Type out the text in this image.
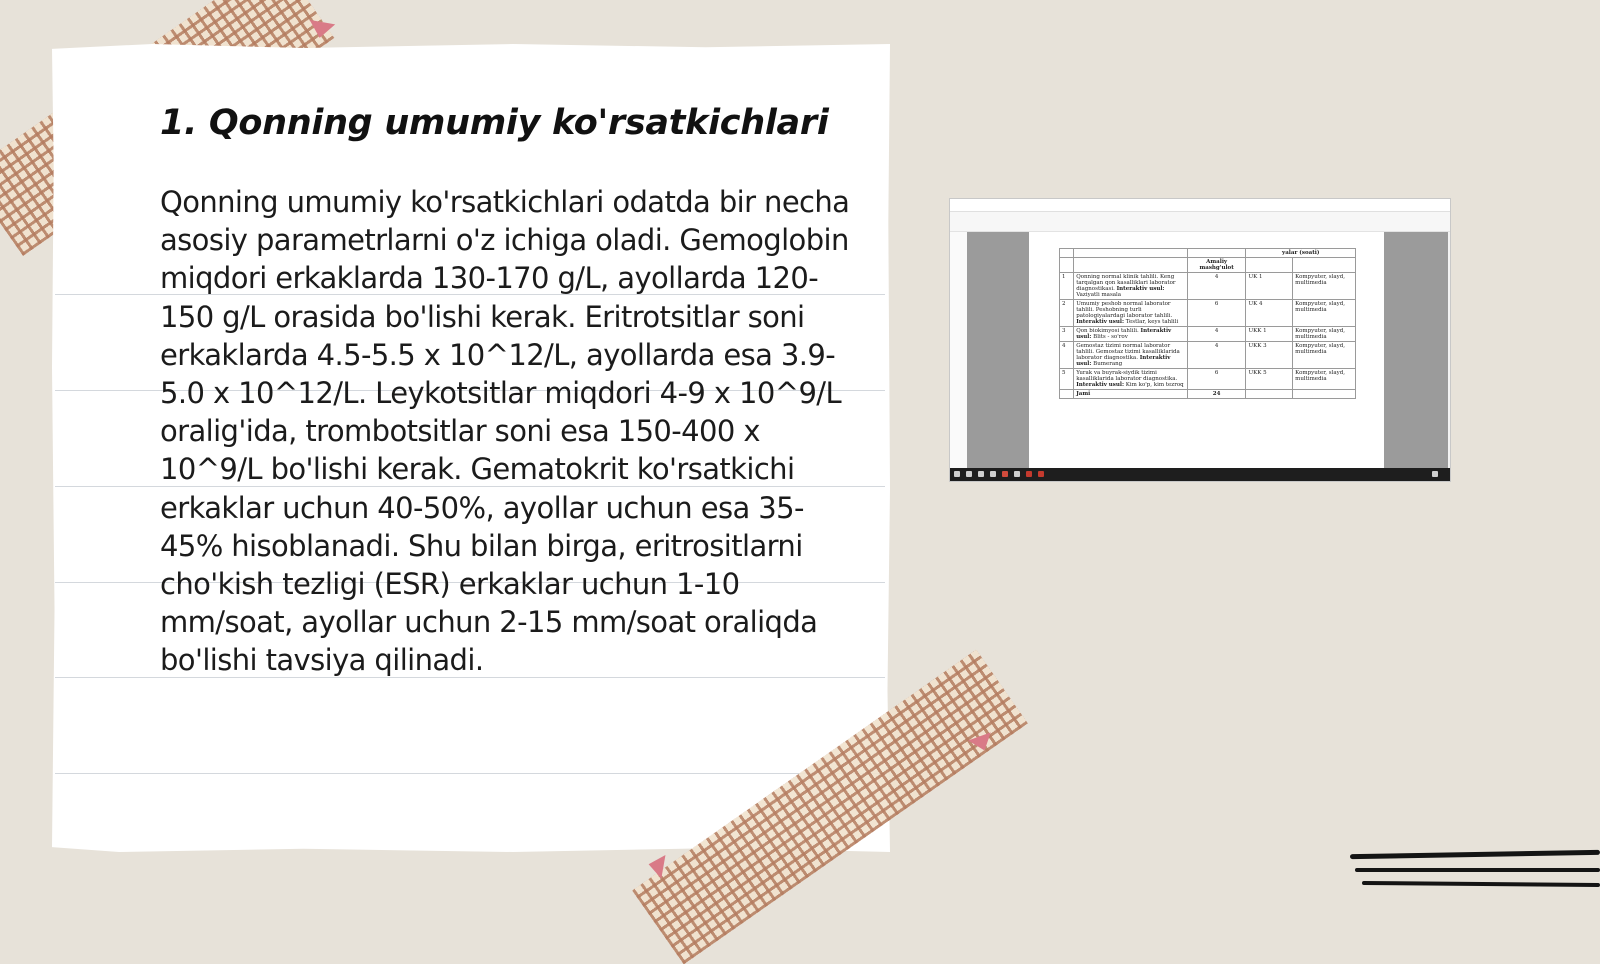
1. Qonning umumiy ko'rsatkichlari

Qonning umumiy ko'rsatkichlari odatda bir necha asosiy parametrlarni o'z ichiga oladi. Gemoglobin miqdori erkaklarda 130-170 g/L, ayollarda 120-150 g/L orasida bo'lishi kerak. Eritrotsitlar soni erkaklarda 4.5-5.5 x 10^12/L, ayollarda esa 3.9-5.0 x 10^12/L. Leykotsitlar miqdori 4-9 x 10^9/L oralig'ida, trombotsitlar soni esa 150-400 x 10^9/L bo'lishi kerak. Gematokrit ko'rsatkichi erkaklar uchun 40-50%, ayollar uchun esa 35-45% hisoblanadi. Shu bilan birga, eritrositlarni cho'kish tezligi (ESR) erkaklar uchun 1-10 mm/soat, ayollar uchun 2-15 mm/soat oraliqda bo'lishi tavsiya qilinadi.

			yalar (soati)	
		Amaliy mashg'ulot		
1	Qonning normal klinik tahlili. Keng tarqalgan qon kasalliklari laborator diagnostikasi. Interaktiv usul: Vaziyatli masala	4	UK 1	Kompyuter, slayd, multimedia
2	Umumiy peshob normal laborator tahlili. Peshobning turli patologiyalardagi laborator tahlili. Interaktiv usul: Testlar, keys tahlili	6	UK 4	Kompyuter, slayd, multimedia
3	Qon biokimyosi tahlili. Interaktiv usul: Blits - so'rov	4	UKK 1	Kompyuter, slayd, multimedia
4	Gemostaz tizimi normal laborator tahlili. Gemostaz tizimi kasalliklarida laborator diagnostika. Interaktiv usul: Bumerang	4	UKK 3	Kompyuter, slayd, multimedia
5	Yurak va buyrak-siydik tizimi kasalliklarida laborator diagnostika. Interaktiv usul: Kim ko'p, kim tezroq	6	UKK 5	Kompyuter, slayd, multimedia
	Jami	24		
